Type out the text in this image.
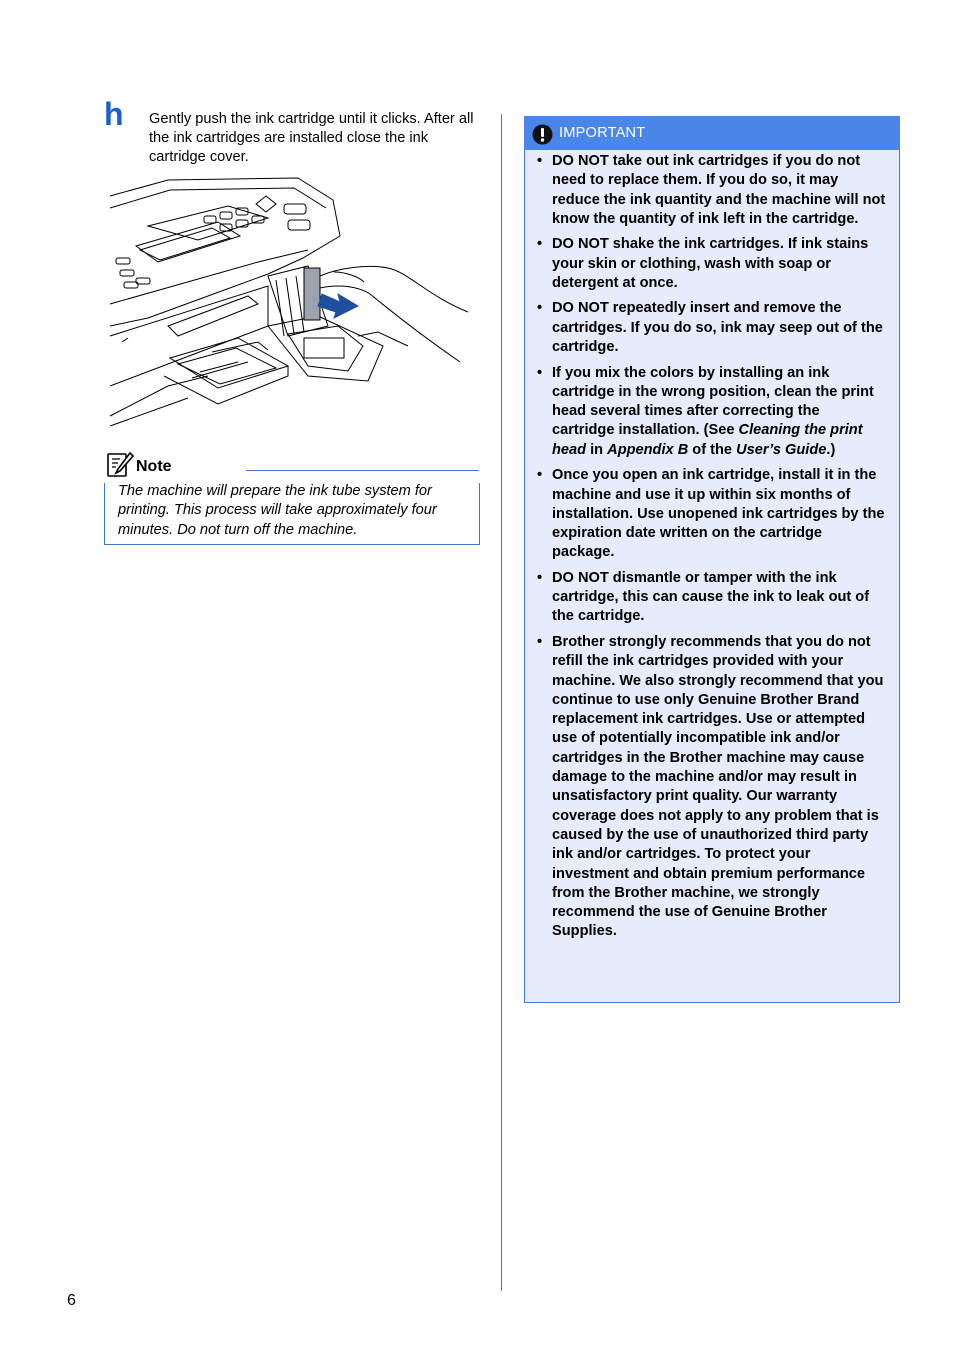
h Gently push the ink cartridge until it clicks. After all the ink cartridges are installed close the ink cartridge cover.
Note
The machine will prepare the ink tube system for printing. This process will take approximately four minutes. Do not turn off the machine.
IMPORTANT
• DO NOT take out ink cartridges if you do not need to replace them. If you do so, it may reduce the ink quantity and the machine will not know the quantity of ink left in the cartridge.
• DO NOT shake the ink cartridges. If ink stains your skin or clothing, wash with soap or detergent at once.
• DO NOT repeatedly insert and remove the cartridges. If you do so, ink may seep out of the cartridge.
• If you mix the colors by installing an ink cartridge in the wrong position, clean the print head several times after correcting the cartridge installation. (See Cleaning the print head in Appendix B of the User’s Guide.)
• Once you open an ink cartridge, install it in the machine and use it up within six months of installation. Use unopened ink cartridges by the expiration date written on the cartridge package.
• DO NOT dismantle or tamper with the ink cartridge, this can cause the ink to leak out of the cartridge.
• Brother strongly recommends that you do not refill the ink cartridges provided with your machine. We also strongly recommend that you continue to use only Genuine Brother Brand replacement ink cartridges. Use or attempted use of potentially incompatible ink and/or cartridges in the Brother machine may cause damage to the machine and/or may result in unsatisfactory print quality. Our warranty coverage does not apply to any problem that is caused by the use of unauthorized third party ink and/or cartridges. To protect your investment and obtain premium performance from the Brother machine, we strongly recommend the use of Genuine Brother Supplies.
6
